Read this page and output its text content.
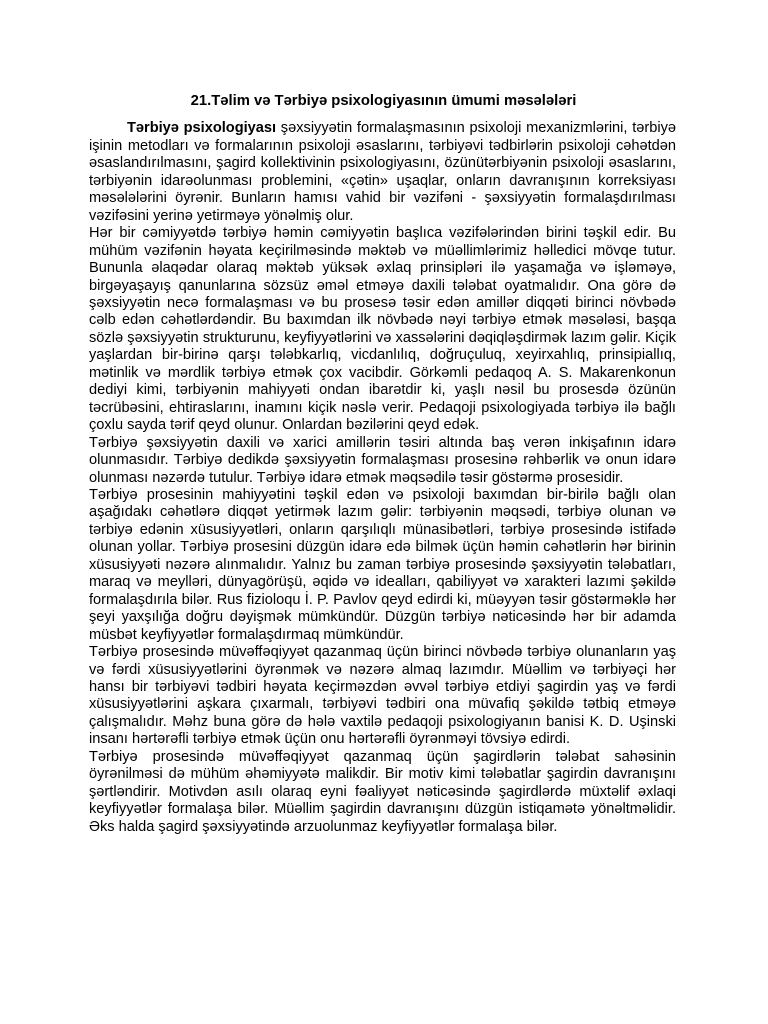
21.Təlim və Tərbiyə psixologiyasının ümumi məsələləri

Tərbiyə psixologiyası şəxsiyyətin formalaşmasının psixoloji mexanizmlərini, tərbiyə işinin metodları və formalarının psixoloji əsaslarını, tərbiyəvi tədbirlərin psixoloji cəhətdən əsaslandırılmasını, şagird kollektivinin psixologiyasını, özünütərbiyənin psixoloji əsaslarını, tərbiyənin idarəolunması problemini, «çətin» uşaqlar, onların davranışının korreksiyası məsələlərini öyrənir. Bunların hamısı vahid bir vəzifəni - şəxsiyyətin formalaşdırılması vəzifəsini yerinə yetirməyə yönəlmiş olur.

Hər bir cəmiyyətdə tərbiyə həmin cəmiyyətin başlıca vəzifələrindən birini təşkil edir. Bu mühüm vəzifənin həyata keçirilməsində məktəb və müəllimlərimiz həlledici mövqe tutur. Bununla əlaqədar olaraq məktəb yüksək əxlaq prinsipləri ilə yaşamağa və işləməyə, birgəyaşayış qanunlarına sözsüz əməl etməyə daxili tələbat oyatmalıdır. Ona görə də şəxsiyyətin necə formalaşması və bu prosesə təsir edən amillər diqqəti birinci növbədə cəlb edən cəhətlərdəndir. Bu baxımdan ilk növbədə nəyi tərbiyə etmək məsələsi, başqa sözlə şəxsiyyətin strukturunu, keyfiyyətlərini və xassələrini dəqiqləşdirmək lazım gəlir. Kiçik yaşlardan bir-birinə qarşı tələbkarlıq, vicdanlılıq, doğruçuluq, xeyirxahlıq, prinsipiallıq, mətinlik və mərdlik tərbiyə etmək çox vacibdir. Görkəmli pedaqoq A. S. Makarenkonun dediyi kimi, tərbiyənin mahiyyəti ondan ibarətdir ki, yaşlı nəsil bu prosesdə özünün təcrübəsini, ehtiraslarını, inamını kiçik nəslə verir. Pedaqoji psixologiyada tərbiyə ilə bağlı çoxlu sayda tərif qeyd olunur. Onlardan bəzilərini qeyd edək.

Tərbiyə şəxsiyyətin daxili və xarici amillərin təsiri altında baş verən inkişafının idarə olunmasıdır. Tərbiyə dedikdə şəxsiyyətin formalaşması prosesinə rəhbərlik və onun idarə olunması nəzərdə tutulur. Tərbiyə idarə etmək məqsədilə təsir göstərmə prosesidir.

Tərbiyə prosesinin mahiyyətini təşkil edən və psixoloji baxımdan bir-birilə bağlı olan aşağıdakı cəhətlərə diqqət yetirmək lazım gəlir: tərbiyənin məqsədi, tərbiyə olunan və tərbiyə edənin xüsusiyyətləri, onların qarşılıqlı münasibətləri, tərbiyə prosesində istifadə olunan yollar. Tərbiyə prosesini düzgün idarə edə bilmək üçün həmin cəhətlərin hər birinin xüsusiyyəti nəzərə alınmalıdır. Yalnız bu zaman tərbiyə prosesində şəxsiyyətin tələbatları, maraq və meylləri, dünyagörüşü, əqidə və idealları, qabiliyyət və xarakteri lazımi şəkildə formalaşdırıla bilər. Rus fizioloqu İ. P. Pavlov qeyd edirdi ki, müəyyən təsir göstərməklə hər şeyi yaxşılığa doğru dəyişmək mümkündür. Düzgün tərbiyə nəticəsində hər bir adamda müsbət keyfiyyətlər formalaşdırmaq mümkündür.

Tərbiyə prosesində müvəffəqiyyət qazanmaq üçün birinci növbədə tərbiyə olunanların yaş və fərdi xüsusiyyətlərini öyrənmək və nəzərə almaq lazımdır. Müəllim və tərbiyəçi hər hansı bir tərbiyəvi tədbiri həyata keçirməzdən əvvəl tərbiyə etdiyi şagirdin yaş və fərdi xüsusiyyətlərini aşkara çıxarmalı, tərbiyəvi tədbiri ona müvafiq şəkildə tətbiq etməyə çalışmalıdır. Məhz buna görə də hələ vaxtilə pedaqoji psixologiyanın banisi K. D. Uşinski insanı hərtərəfli tərbiyə etmək üçün onu hərtərəfli öyrənməyi tövsiyə edirdi.

Tərbiyə prosesində müvəffəqiyyət qazanmaq üçün şagirdlərin tələbat sahəsinin öyrənilməsi də mühüm əhəmiyyətə malikdir. Bir motiv kimi tələbatlar şagirdin davranışını şərtləndirir. Motivdən asılı olaraq eyni fəaliyyət nəticəsində şagirdlərdə müxtəlif əxlaqi keyfiyyətlər formalaşa bilər. Müəllim şagirdin davranışını düzgün istiqamətə yönəltməlidir. Əks halda şagird şəxsiyyətində arzuolunmaz keyfiyyətlər formalaşa bilər.
